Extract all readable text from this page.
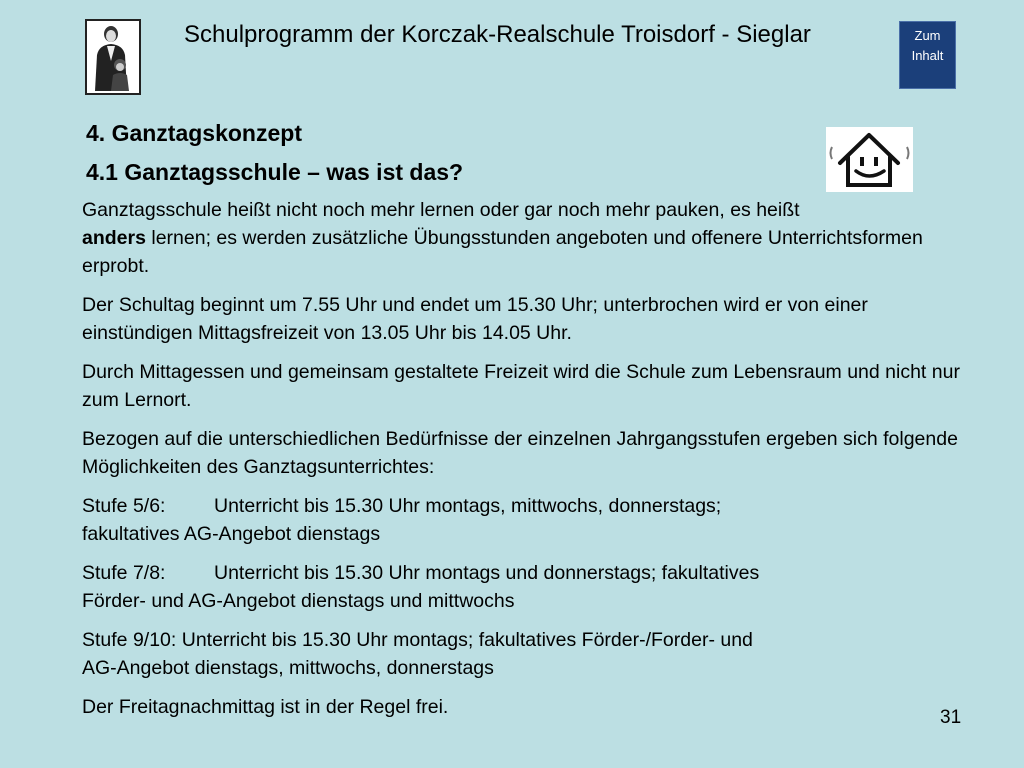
Schulprogramm der Korczak-Realschule Troisdorf - Sieglar	Zum
Inhalt
4. Ganztagskonzept
4.1 Ganztagsschule – was ist das?

Ganztagsschule heißt nicht noch mehr lernen oder gar noch mehr pauken, es heißt
anders lernen; es werden zusätzliche Übungsstunden angeboten und offenere Unterrichtsformen erprobt.

Der Schultag beginnt um 7.55 Uhr und endet um 15.30 Uhr; unterbrochen wird er von einer einstündigen Mittagsfreizeit von 13.05 Uhr bis 14.05 Uhr.

Durch Mittagessen und gemeinsam gestaltete Freizeit wird die Schule zum Lebensraum und nicht nur zum Lernort.

Bezogen auf die unterschiedlichen Bedürfnisse der einzelnen Jahrgangsstufen ergeben sich folgende Möglichkeiten des Ganztagsunterrichtes:

Stufe 5/6: Unterricht bis 15.30 Uhr montags, mittwochs, donnerstags;
fakultatives AG-Angebot dienstags

Stufe 7/8: Unterricht bis 15.30 Uhr montags und donnerstags; fakultatives
Förder- und AG-Angebot dienstags und mittwochs

Stufe 9/10: Unterricht bis 15.30 Uhr montags; fakultatives Förder-/Forder- und
AG-Angebot dienstags, mittwochs, donnerstags

Der Freitagnachmittag ist in der Regel frei.	31
